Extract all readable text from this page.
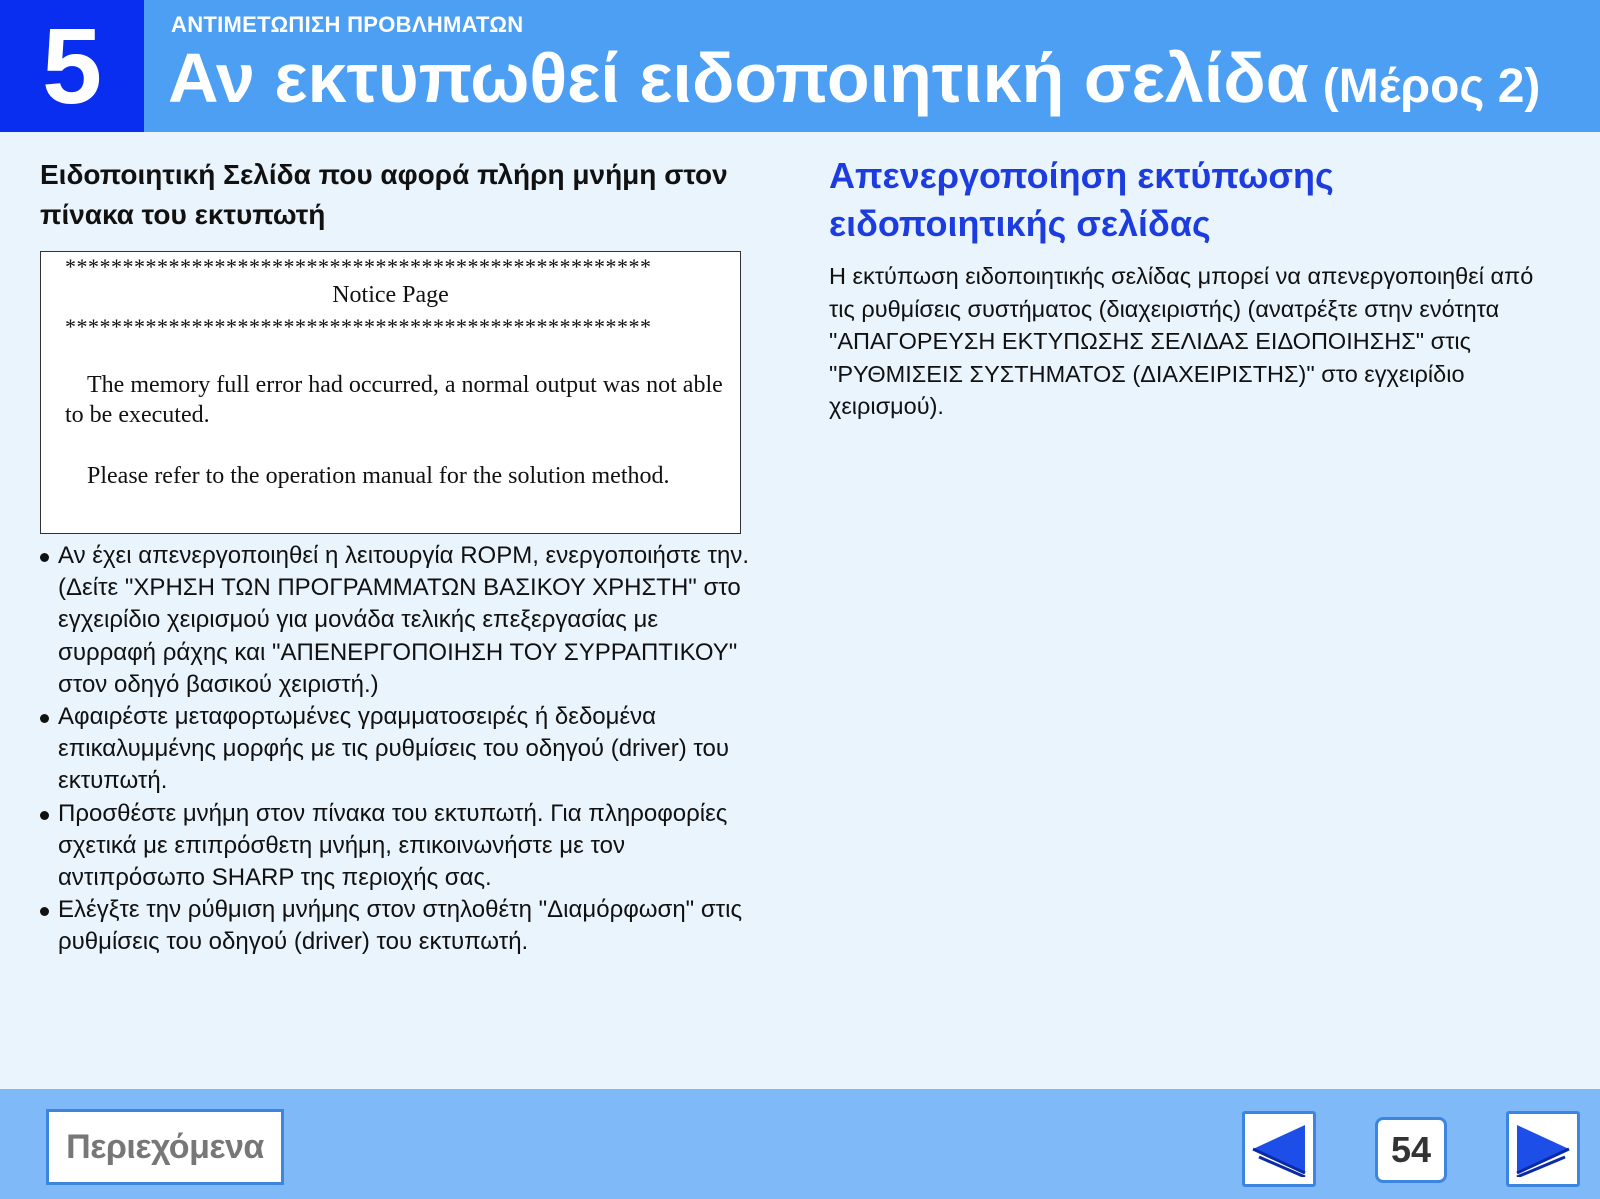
5	ΑΝΤΙΜΕΤΩΠΙΣΗ ΠΡΟΒΛΗΜΑΤΩΝ
Αν εκτυπωθεί ειδοποιητική σελίδα (Μέρος 2)
Ειδοποιητική Σελίδα που αφορά πλήρη μνήμη στον πίνακα του εκτυπωτή
***************************************************
Notice Page
***************************************************
The memory full error had occurred, a normal output was not able to be executed.
Please refer to the operation manual for the solution method.
Αν έχει απενεργοποιηθεί η λειτουργία ROPM, ενεργοποιήστε την. (Δείτε "ΧΡΗΣΗ ΤΩΝ ΠΡΟΓΡΑΜΜΑΤΩΝ ΒΑΣΙΚΟΥ ΧΡΗΣΤΗ" στο εγχειρίδιο χειρισμού για μονάδα τελικής επεξεργασίας με συρραφή ράχης και "ΑΠΕΝΕΡΓΟΠΟΙΗΣΗ ΤΟΥ ΣΥΡΡΑΠΤΙΚΟΥ" στον οδηγό βασικού χειριστή.)
Αφαιρέστε μεταφορτωμένες γραμματοσειρές ή δεδομένα επικαλυμμένης μορφής με τις ρυθμίσεις του οδηγού (driver) του εκτυπωτή.
Προσθέστε μνήμη στον πίνακα του εκτυπωτή. Για πληροφορίες σχετικά με επιπρόσθετη μνήμη, επικοινωνήστε με τον αντιπρόσωπο SHARP της περιοχής σας.
Ελέγξτε την ρύθμιση μνήμης στον στηλοθέτη "Διαμόρφωση" στις ρυθμίσεις του οδηγού (driver) του εκτυπωτή.
Απενεργοποίηση εκτύπωσης ειδοποιητικής σελίδας
Η εκτύπωση ειδοποιητικής σελίδας μπορεί να απενεργοποιηθεί από τις ρυθμίσεις συστήματος (διαχειριστής) (ανατρέξτε στην ενότητα "ΑΠΑΓΟΡΕΥΣΗ ΕΚΤΥΠΩΣΗΣ ΣΕΛΙΔΑΣ ΕΙΔΟΠΟΙΗΣΗΣ" στις "ΡΥΘΜΙΣΕΙΣ ΣΥΣΤΗΜΑΤΟΣ (ΔΙΑΧΕΙΡΙΣΤΗΣ)" στο εγχειρίδιο χειρισμού).
Περιεχόμενα	54
